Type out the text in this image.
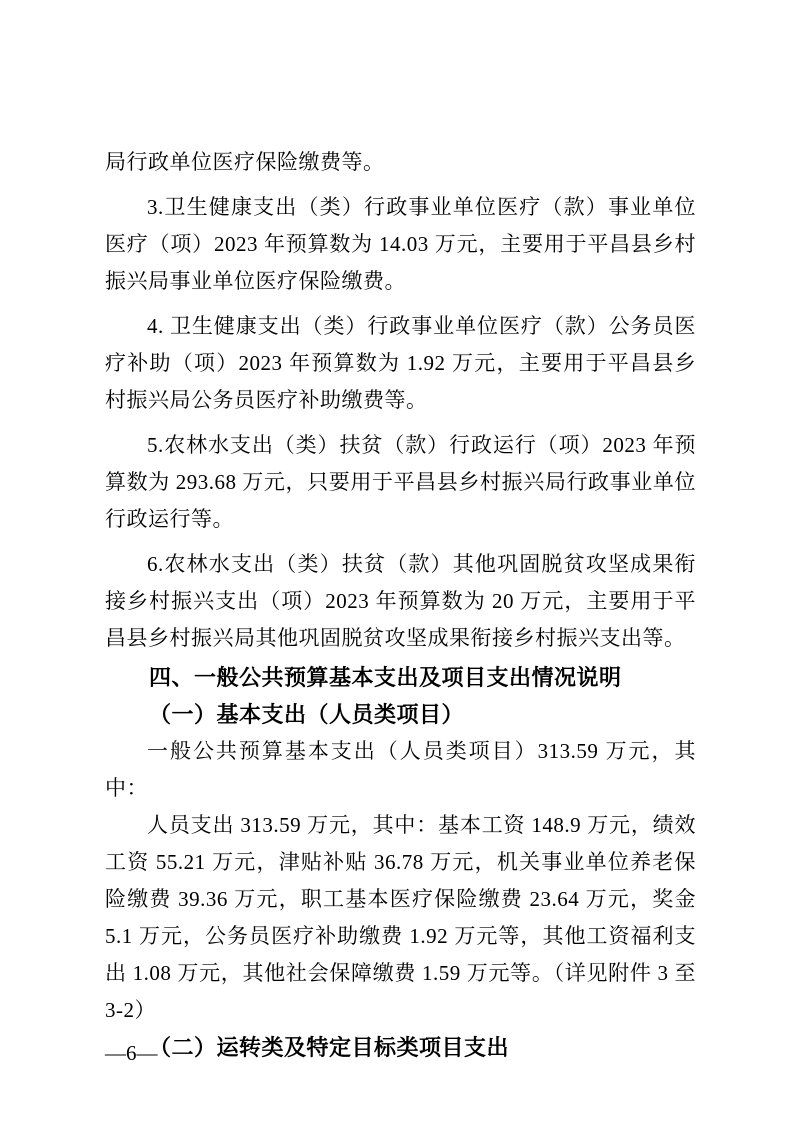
局行政单位医疗保险缴费等。

3.卫生健康支出（类）行政事业单位医疗（款）事业单位医疗（项）2023 年预算数为 14.03 万元，主要用于平昌县乡村振兴局事业单位医疗保险缴费。

4. 卫生健康支出（类）行政事业单位医疗（款）公务员医疗补助（项）2023 年预算数为 1.92 万元，主要用于平昌县乡村振兴局公务员医疗补助缴费等。

5.农林水支出（类）扶贫（款）行政运行（项）2023 年预算数为 293.68 万元，只要用于平昌县乡村振兴局行政事业单位行政运行等。

6.农林水支出（类）扶贫（款）其他巩固脱贫攻坚成果衔接乡村振兴支出（项）2023 年预算数为 20 万元，主要用于平昌县乡村振兴局其他巩固脱贫攻坚成果衔接乡村振兴支出等。

四、一般公共预算基本支出及项目支出情况说明
（一）基本支出（人员类项目）

一般公共预算基本支出（人员类项目）313.59 万元，其中：

人员支出 313.59 万元，其中：基本工资 148.9 万元，绩效工资 55.21 万元，津贴补贴 36.78 万元，机关事业单位养老保险缴费 39.36 万元，职工基本医疗保险缴费 23.64 万元，奖金 5.1 万元，公务员医疗补助缴费 1.92 万元等，其他工资福利支出 1.08 万元，其他社会保障缴费 1.59 万元等。（详见附件 3 至 3-2）

（二）运转类及特定目标类项目支出
—6—
